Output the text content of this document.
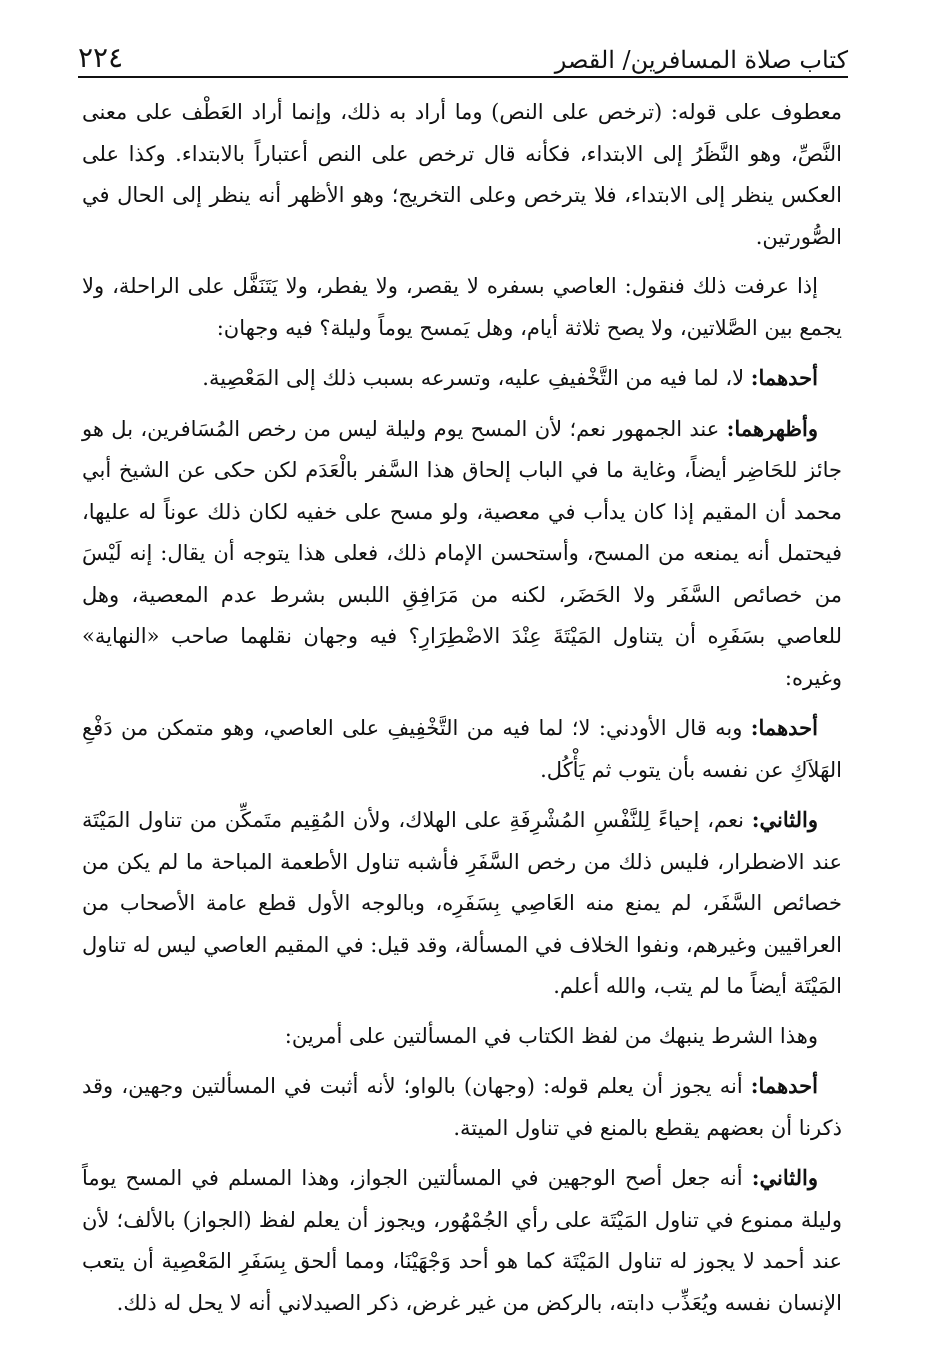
كتاب صلاة المسافرين/ القصر
٢٢٤

معطوف على قوله: (ترخص على النص) وما أراد به ذلك، وإنما أراد العَطْف على معنى النَّصِّ، وهو النَّظَرُ إلى الابتداء، فكأنه قال ترخص على النص أعتباراً بالابتداء. وكذا على العكس ينظر إلى الابتداء، فلا يترخص وعلى التخريج؛ وهو الأظهر أنه ينظر إلى الحال في الصُّورتين.

إذا عرفت ذلك فنقول: العاصي بسفره لا يقصر، ولا يفطر، ولا يَتَنَفَّل على الراحلة، ولا يجمع بين الصَّلاتين، ولا يصح ثلاثة أيام، وهل يَمسح يوماً وليلة؟ فيه وجهان:

أحدهما: لا، لما فيه من التَّخْفيفِ عليه، وتسرعه بسبب ذلك إلى المَعْصِية.

وأظهرهما: عند الجمهور نعم؛ لأن المسح يوم وليلة ليس من رخص المُسَافرين، بل هو جائز للحَاضِر أيضاً، وغاية ما في الباب إلحاق هذا السَّفر بالْعَدَم لكن حكى عن الشيخ أبي محمد أن المقيم إذا كان يدأب في معصية، ولو مسح على خفيه لكان ذلك عوناً له عليها، فيحتمل أنه يمنعه من المسح، وأستحسن الإمام ذلك، فعلى هذا يتوجه أن يقال: إنه لَيْسَ من خصائص السَّفَر ولا الحَضَر، لكنه من مَرَافِقِ اللبس بشرط عدم المعصية، وهل للعاصي بسَفَرِه أن يتناول المَيْتَةَ عِنْدَ الاضْطِرَارِ؟ فيه وجهان نقلهما صاحب «النهاية» وغيره:

أحدهما: وبه قال الأودني: لا؛ لما فيه من التَّخْفِيفِ على العاصي، وهو متمكن من دَفْعِ الهَلاَكِ عن نفسه بأن يتوب ثم يَأْكُل.

والثاني: نعم، إحياءً لِلنَّفْسِ المُشْرِفَةِ على الهلاك، ولأن المُقِيم متَمكِّن من تناول المَيْتَة عند الاضطرار، فليس ذلك من رخص السَّفَرِ فأشبه تناول الأطعمة المباحة ما لم يكن من خصائص السَّفَر، لم يمنع منه العَاصِي بِسَفَرِه، وبالوجه الأول قطع عامة الأصحاب من العراقيين وغيرهم، ونفوا الخلاف في المسألة، وقد قيل: في المقيم العاصي ليس له تناول المَيْتَة أيضاً ما لم يتب، والله أعلم.

وهذا الشرط ينبهك من لفظ الكتاب في المسألتين على أمرين:

أحدهما: أنه يجوز أن يعلم قوله: (وجهان) بالواو؛ لأنه أثبت في المسألتين وجهين، وقد ذكرنا أن بعضهم يقطع بالمنع في تناول الميتة.

والثاني: أنه جعل أصح الوجهين في المسألتين الجواز، وهذا المسلم في المسح يوماً وليلة ممنوع في تناول المَيْتَة على رأي الجُمْهُور، ويجوز أن يعلم لفظ (الجواز) بالألف؛ لأن عند أحمد لا يجوز له تناول المَيْتَة كما هو أحد وَجْهَيْنَا، ومما ألحق بِسَفَرِ المَعْصِية أن يتعب الإنسان نفسه ويُعَذِّب دابته، بالركض من غير غرض، ذكر الصيدلاني أنه لا يحل له ذلك.
